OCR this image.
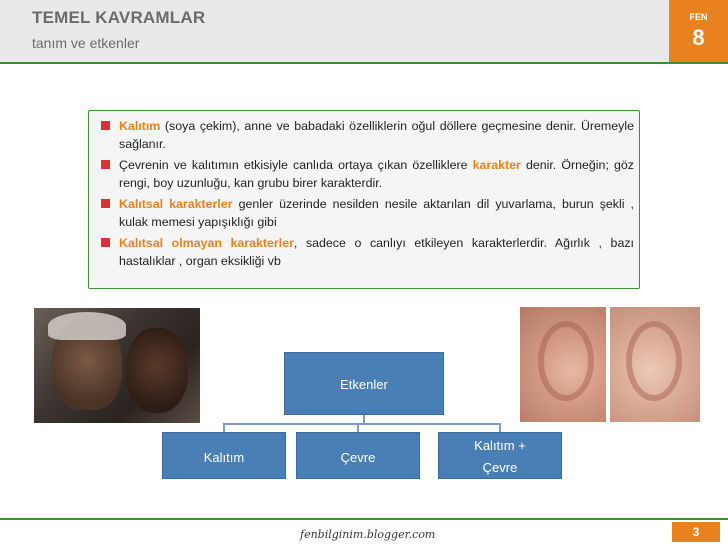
TEMEL KAVRAMLAR
tanım ve etkenler
FEN
8
Kalıtım (soya çekim), anne ve babadaki özelliklerin oğul döllere geçmesine denir. Üremeyle sağlanır.
Çevrenin ve kalıtımın etkisiyle canlıda ortaya çıkan özelliklere karakter denir. Örneğin; göz rengi, boy uzunluğu, kan grubu birer karakterdir.
Kalıtsal karakterler genler üzerinde nesilden nesile aktarılan dil yuvarlama, burun şekli , kulak memesi yapışıklığı gibi
Kalıtsal olmayan karakterler, sadece o canlıyı etkileyen karakterlerdir. Ağırlık , bazı hastalıklar , organ eksikliği vb
Etkenler
Kalıtım	Çevre
Kalıtım +
Çevre
fenbilginim.blogger.com	3
